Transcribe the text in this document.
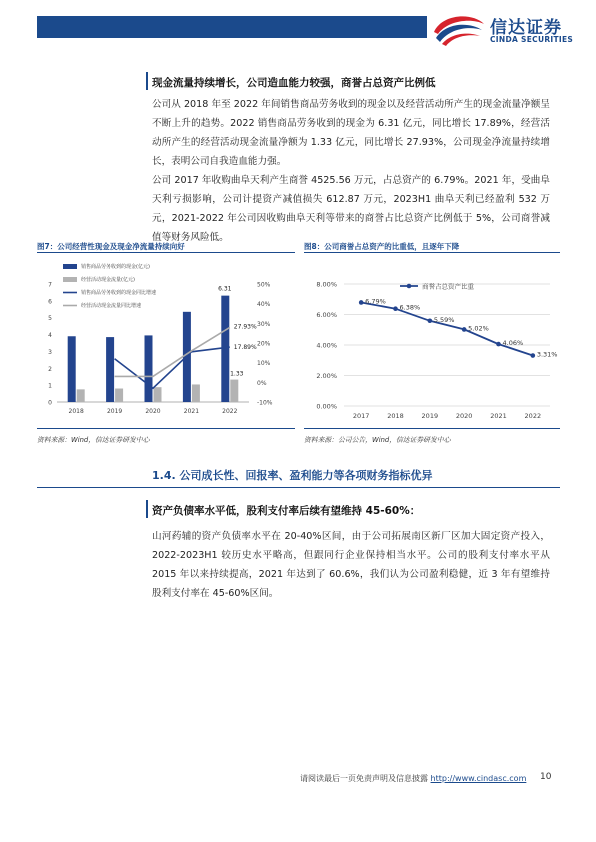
信达证券
CINDA SECURITIES
现金流量持续增长，公司造血能力较强，商誉占总资产比例低
公司从 2018 年至 2022 年间销售商品劳务收到的现金以及经营活动所产生的现金流量净额呈不断上升的趋势。2022 销售商品劳务收到的现金为 6.31 亿元，同比增长 17.89%，经营活动所产生的经营活动现金流量净额为 1.33 亿元，同比增长 27.93%，公司现金净流量持续增长，表明公司自我造血能力强。
公司 2017 年收购曲阜天利产生商誉 4525.56 万元，占总资产的 6.79%。2021 年，受曲阜天利亏损影响，公司计提资产减值损失 612.87 万元，2023H1 曲阜天利已经盈利 532 万元，2021-2022 年公司因收购曲阜天利等带来的商誉占比总资产比例低于 5%，公司商誉减值等财务风险低。
图7：公司经营性现金及现金净流量持续向好
0
1
2
3
4
5
6
7
-10%
0%
10%
20%
30%
40%
50%
2018	2019	2020	2021	2022
6.31
1.33
27.93%
17.89%
销售商品劳务收到的现金(亿元)
经营活动现金流量(亿元)
销售商品劳务收到的现金同比增速
经营活动现金流量同比增速
资料来源：Wind，信达证券研发中心
图8：公司商誉占总资产的比重低，且逐年下降
0.00%
2.00%
4.00%
6.00%
8.00%
2017	2018	2019	2020	2021	2022
6.79%
6.38%
5.59%
5.02%
4.06%
3.31%
商誉占总资产比重
资料来源：公司公告，Wind，信达证券研发中心
1.4. 公司成长性、回报率、盈利能力等各项财务指标优异
资产负债率水平低，股利支付率后续有望维持 45-60%：
山河药辅的资产负债率水平在 20-40%区间，由于公司拓展南区新厂区加大固定资产投入，2022-2023H1 较历史水平略高，但跟同行企业保持相当水平。公司的股利支付率水平从 2015 年以来持续提高，2021 年达到了 60.6%，我们认为公司盈利稳健，近 3 年有望维持股利支付率在 45-60%区间。
请阅读最后一页免责声明及信息披露 http://www.cindasc.com 10
